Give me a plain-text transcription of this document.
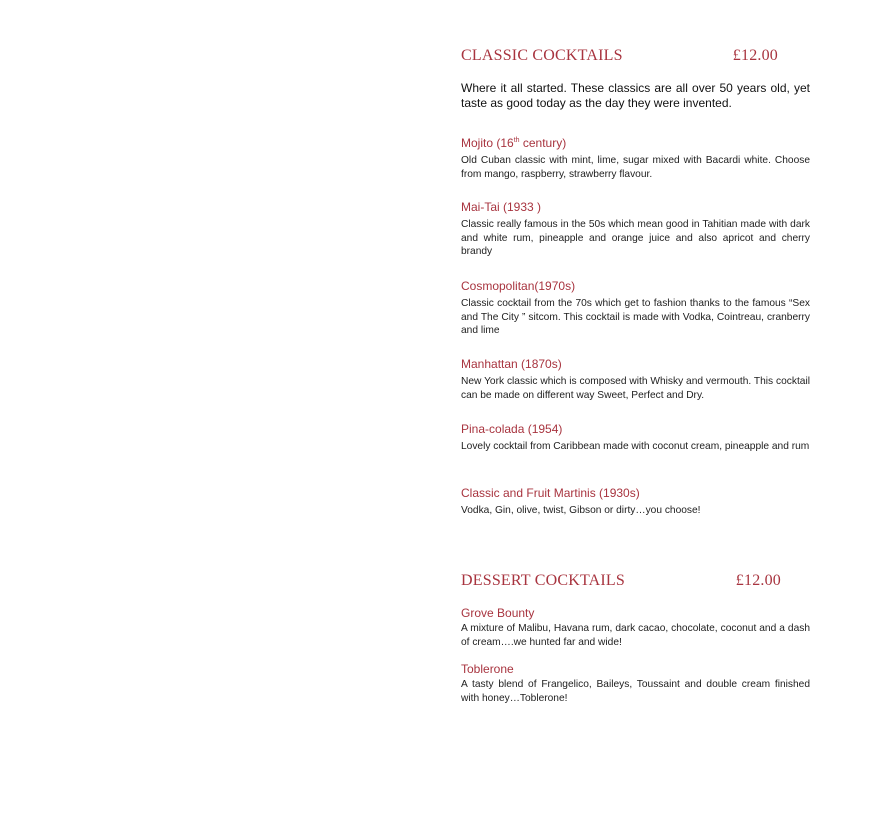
CLASSIC COCKTAILS	£12.00
Where it all started. These classics are all over 50 years old, yet taste as good today as the day they were invented.
Mojito (16th century)
Old Cuban classic with mint, lime, sugar mixed with Bacardi white. Choose from mango, raspberry, strawberry flavour.
Mai-Tai (1933 )
Classic really famous in the 50s which mean good in Tahitian made with dark and white rum, pineapple and orange juice and also apricot and cherry brandy
Cosmopolitan(1970s)
Classic cocktail from the 70s which get to fashion thanks to the famous “Sex and The City ” sitcom. This cocktail is made with Vodka, Cointreau, cranberry and lime
Manhattan (1870s)
New York classic which is composed with Whisky and vermouth. This cocktail can be made on different way Sweet, Perfect and Dry.
Pina-colada (1954)
Lovely cocktail from Caribbean made with coconut cream, pineapple and rum
Classic and Fruit Martinis (1930s)
Vodka, Gin, olive, twist, Gibson or dirty…you choose!
DESSERT COCKTAILS	£12.00
Grove Bounty
A mixture of Malibu, Havana rum, dark cacao, chocolate, coconut and a dash of cream….we hunted far and wide!
Toblerone
A tasty blend of Frangelico, Baileys, Toussaint and double cream finished with honey…Toblerone!
